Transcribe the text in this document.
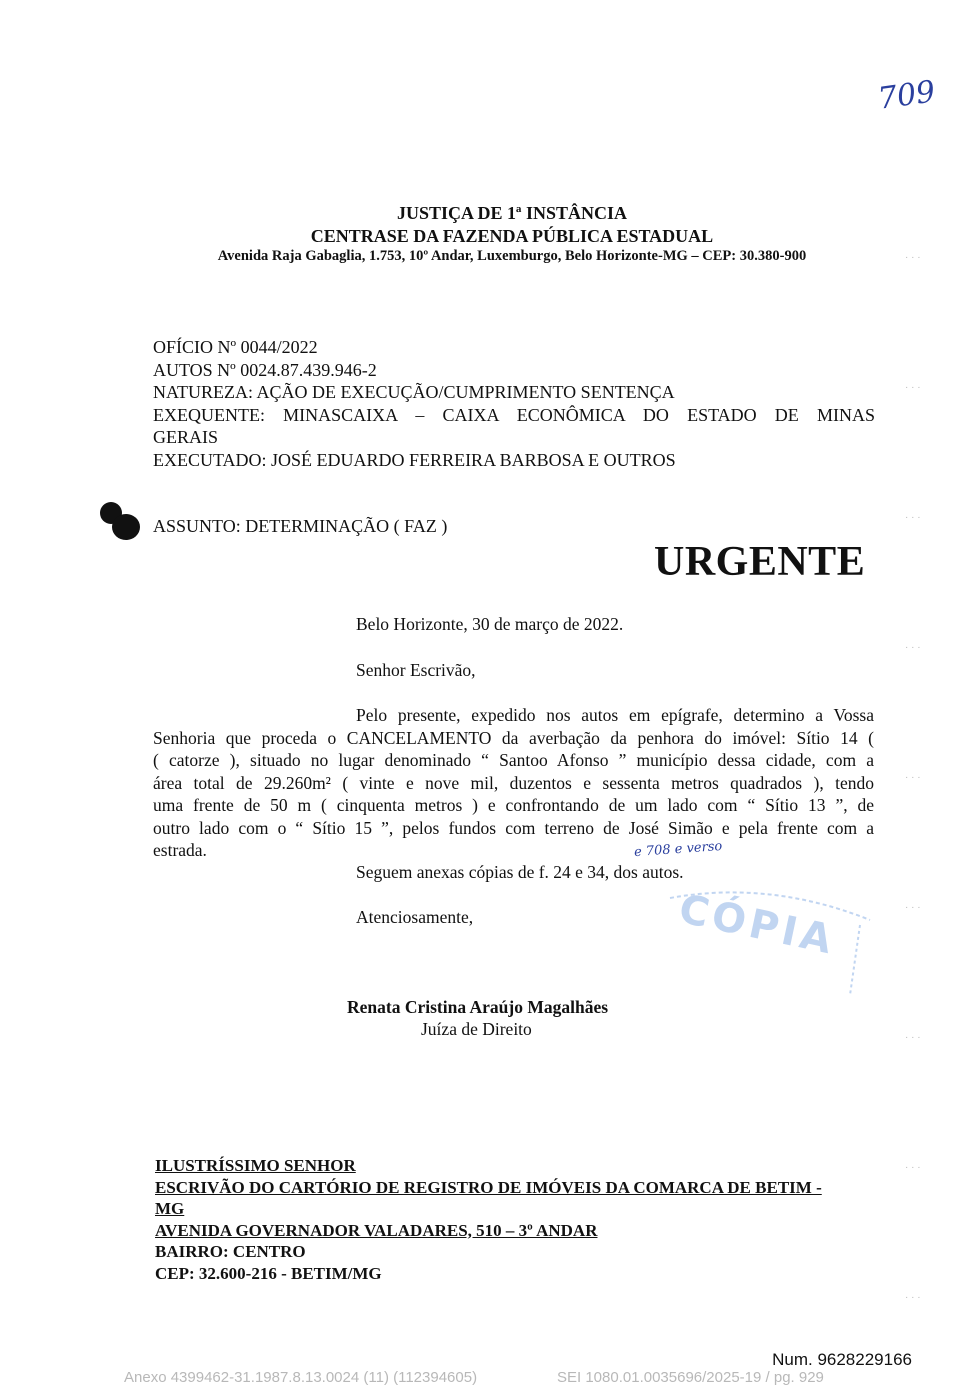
709
JUSTIÇA DE 1ª INSTÂNCIA
CENTRASE DA FAZENDA PÚBLICA ESTADUAL
Avenida Raja Gabaglia, 1.753, 10º Andar, Luxemburgo, Belo Horizonte-MG – CEP: 30.380-900
OFÍCIO Nº 0044/2022
AUTOS Nº 0024.87.439.946-2
NATUREZA: AÇÃO DE EXECUÇÃO/CUMPRIMENTO SENTENÇA
EXEQUENTE: MINASCAIXA – CAIXA ECONÔMICA DO ESTADO DE MINAS
GERAIS
EXECUTADO: JOSÉ EDUARDO FERREIRA BARBOSA E OUTROS
ASSUNTO: DETERMINAÇÃO ( FAZ )
URGENTE
Belo Horizonte, 30 de março de 2022.
Senhor Escrivão,
Pelo presente, expedido nos autos em epígrafe, determino a Vossa
Senhoria que proceda o CANCELAMENTO da averbação da penhora do imóvel: Sítio 14 (
( catorze ), situado no lugar denominado “ Santoo Afonso ” município dessa cidade, com a
área total de 29.260m² ( vinte e nove mil, duzentos e sessenta metros quadrados ), tendo
uma frente de 50 m ( cinquenta metros ) e confrontando de um lado com “ Sítio 13 ”, de
outro lado com o “ Sítio 15 ”, pelos fundos com terreno de José Simão e pela frente com a
estrada.	e 708 e verso
Seguem anexas cópias de f. 24 e 34, dos autos.
Atenciosamente,	CÓPIA
Renata Cristina Araújo Magalhães
Juíza de Direito
ILUSTRÍSSIMO SENHOR
ESCRIVÃO DO CARTÓRIO DE REGISTRO DE IMÓVEIS DA COMARCA DE BETIM -
MG
AVENIDA GOVERNADOR VALADARES, 510 – 3º ANDAR
BAIRRO: CENTRO
CEP: 32.600-216 - BETIM/MG
· · ·
· · ·
· · ·
· · ·
· · ·
· · ·
· · ·
· · ·
· · ·
Num. 9628229166
Anexo 4399462-31.1987.8.13.0024 (11) (112394605)	SEI 1080.01.0035696/2025-19 / pg. 929
